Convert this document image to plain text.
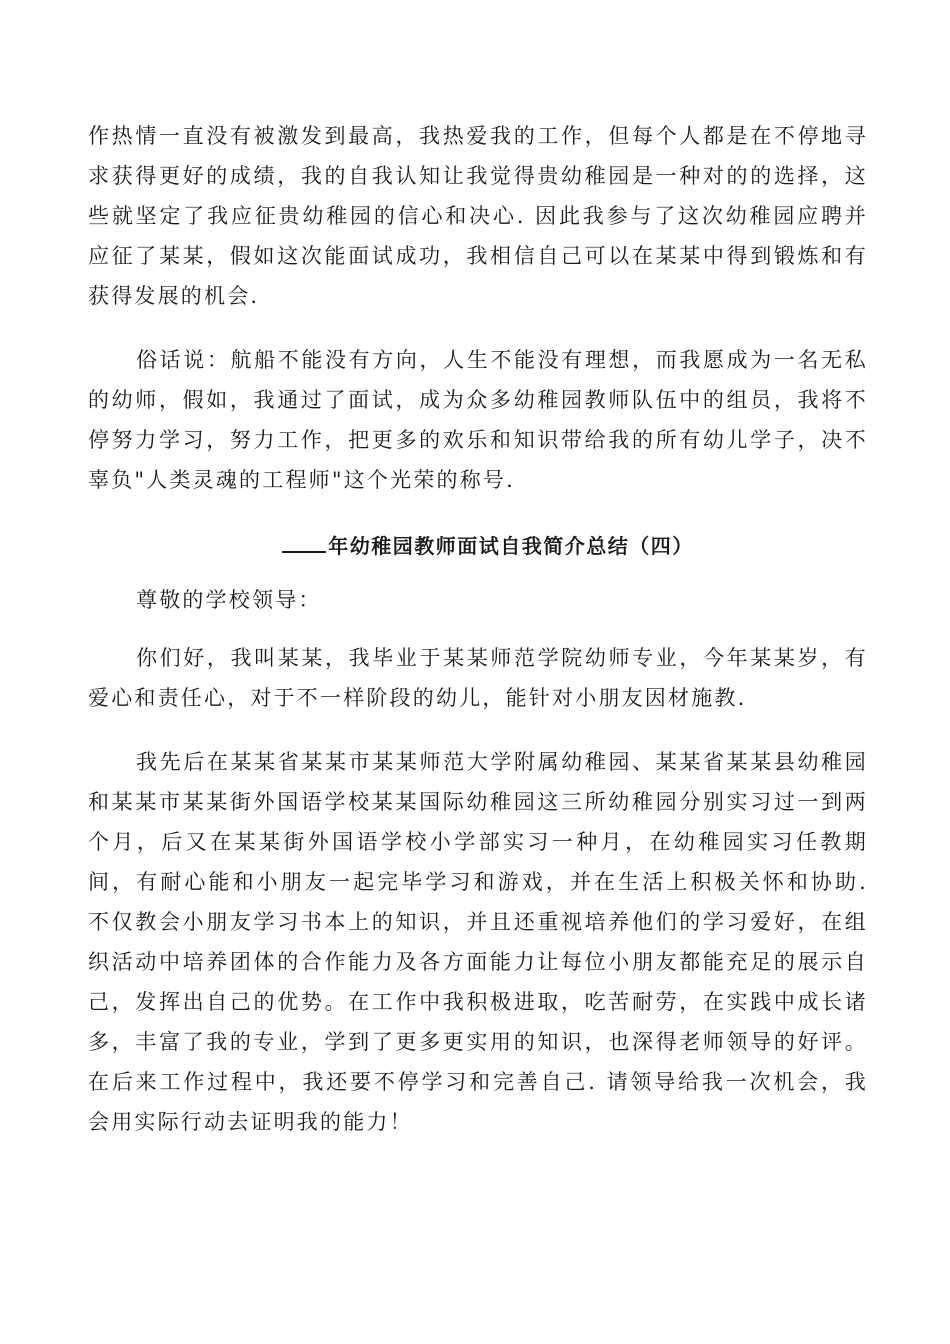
作热情一直没有被激发到最高，我热爱我的工作，但每个人都是在不停地寻求获得更好的成绩，我的自我认知让我觉得贵幼稚园是一种对的的选择，这些就坚定了我应征贵幼稚园的信心和决心. 因此我参与了这次幼稚园应聘并应征了某某，假如这次能面试成功，我相信自己可以在某某中得到锻炼和有获得发展的机会.

俗话说：航船不能没有方向，人生不能没有理想，而我愿成为一名无私的幼师，假如，我通过了面试，成为众多幼稚园教师队伍中的组员，我将不停努力学习，努力工作，把更多的欢乐和知识带给我的所有幼儿学子，决不辜负"人类灵魂的工程师"这个光荣的称号.

年幼稚园教师面试自我简介总结（四）

尊敬的学校领导：

你们好，我叫某某，我毕业于某某师范学院幼师专业，今年某某岁，有爱心和责任心，对于不一样阶段的幼儿，能针对小朋友因材施教.

我先后在某某省某某市某某师范大学附属幼稚园、某某省某某县幼稚园和某某市某某街外国语学校某某国际幼稚园这三所幼稚园分别实习过一到两个月，后又在某某街外国语学校小学部实习一种月，在幼稚园实习任教期间，有耐心能和小朋友一起完毕学习和游戏，并在生活上积极关怀和协助. 不仅教会小朋友学习书本上的知识，并且还重视培养他们的学习爱好，在组织活动中培养团体的合作能力及各方面能力让每位小朋友都能充足的展示自己，发挥出自己的优势。在工作中我积极进取，吃苦耐劳，在实践中成长诸多，丰富了我的专业，学到了更多更实用的知识，也深得老师领导的好评。在后来工作过程中，我还要不停学习和完善自己. 请领导给我一次机会，我会用实际行动去证明我的能力！
